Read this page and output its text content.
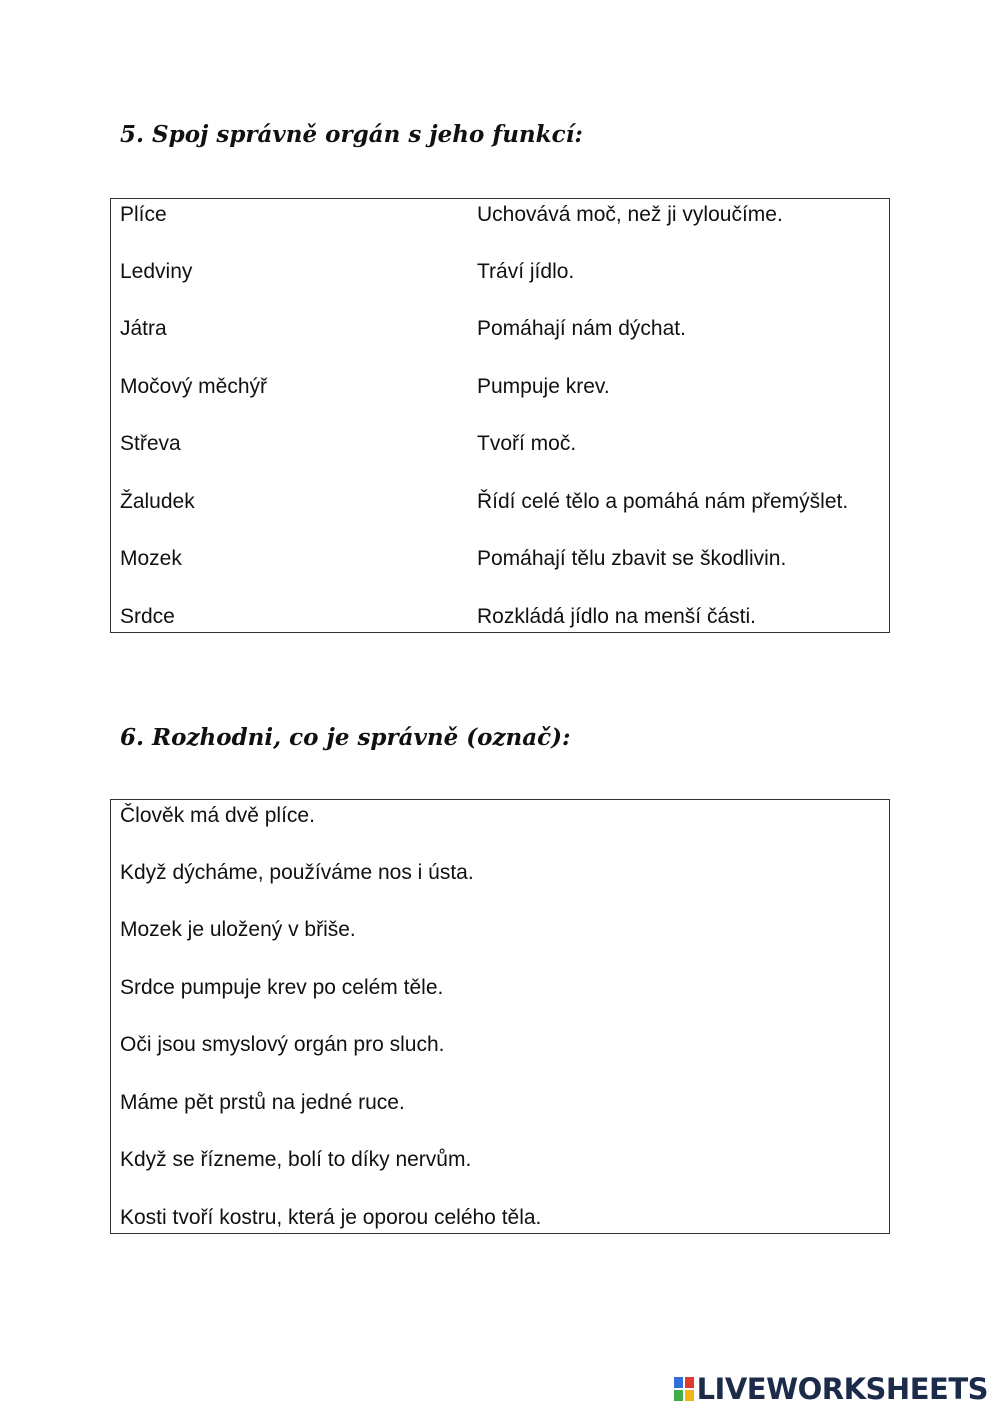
5. Spoj správně orgán s jeho funkcí:
Plíce	Uchovává moč, než ji vyloučíme.
Ledviny	Tráví jídlo.
Játra	Pomáhají nám dýchat.
Močový měchýř	Pumpuje krev.
Střeva	Tvoří moč.
Žaludek	Řídí celé tělo a pomáhá nám přemýšlet.
Mozek	Pomáhají tělu zbavit se škodlivin.
Srdce	Rozkládá jídlo na menší části.
6. Rozhodni, co je správně (označ):
Člověk má dvě plíce.
Když dýcháme, používáme nos i ústa.
Mozek je uložený v břiše.
Srdce pumpuje krev po celém těle.
Oči jsou smyslový orgán pro sluch.
Máme pět prstů na jedné ruce.
Když se řízneme, bolí to díky nervům.
Kosti tvoří kostru, která je oporou celého těla.
LIVEWORKSHEETS
